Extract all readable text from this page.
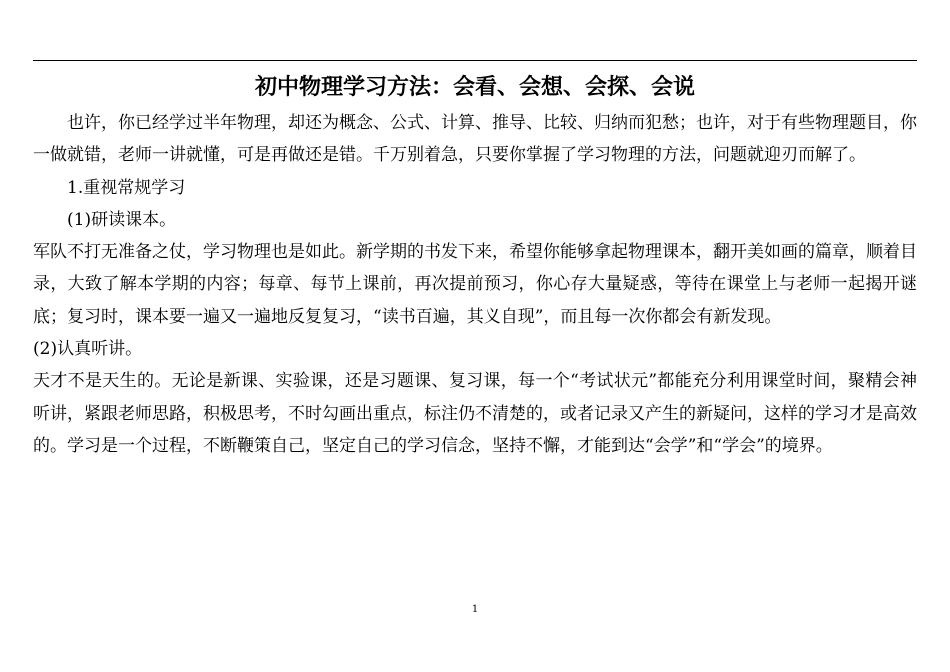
初中物理学习方法：会看、会想、会探、会说

也许，你已经学过半年物理，却还为概念、公式、计算、推导、比较、归纳而犯愁；也许，对于有些物理题目，你一做就错，老师一讲就懂，可是再做还是错。千万别着急，只要你掌握了学习物理的方法，问题就迎刃而解了。

1.重视常规学习

(1)研读课本。

军队不打无准备之仗，学习物理也是如此。新学期的书发下来，希望你能够拿起物理课本，翻开美如画的篇章，顺着目录，大致了解本学期的内容；每章、每节上课前，再次提前预习，你心存大量疑惑，等待在课堂上与老师一起揭开谜底；复习时，课本要一遍又一遍地反复复习，“读书百遍，其义自现”，而且每一次你都会有新发现。

(2)认真听讲。

天才不是天生的。无论是新课、实验课，还是习题课、复习课，每一个“考试状元”都能充分利用课堂时间，聚精会神听讲，紧跟老师思路，积极思考，不时勾画出重点，标注仍不清楚的，或者记录又产生的新疑问，这样的学习才是高效的。学习是一个过程，不断鞭策自己，坚定自己的学习信念，坚持不懈，才能到达“会学”和“学会”的境界。

1
